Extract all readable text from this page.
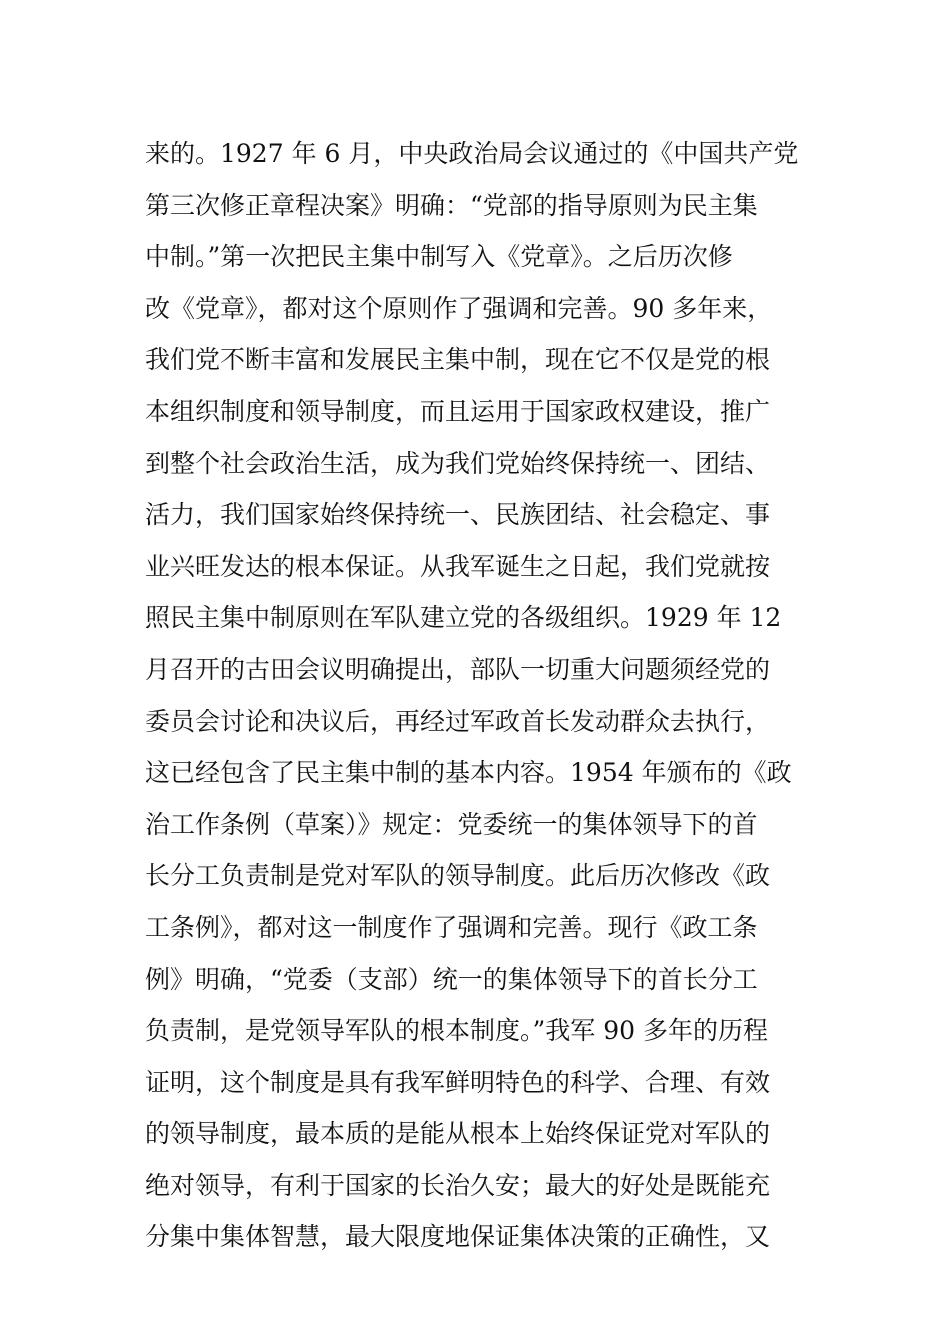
来的。1927 年 6 月，中央政治局会议通过的《中国共产党
第三次修正章程决案》明确：“党部的指导原则为民主集
中制。”第一次把民主集中制写入《党章》。之后历次修
改《党章》，都对这个原则作了强调和完善。90 多年来，
我们党不断丰富和发展民主集中制，现在它不仅是党的根
本组织制度和领导制度，而且运用于国家政权建设，推广
到整个社会政治生活，成为我们党始终保持统一、团结、
活力，我们国家始终保持统一、民族团结、社会稳定、事
业兴旺发达的根本保证。从我军诞生之日起，我们党就按
照民主集中制原则在军队建立党的各级组织。1929 年 12
月召开的古田会议明确提出，部队一切重大问题须经党的
委员会讨论和决议后，再经过军政首长发动群众去执行，
这已经包含了民主集中制的基本内容。1954 年颁布的《政
治工作条例（草案）》规定：党委统一的集体领导下的首
长分工负责制是党对军队的领导制度。此后历次修改《政
工条例》，都对这一制度作了强调和完善。现行《政工条
例》明确，“党委（支部）统一的集体领导下的首长分工
负责制，是党领导军队的根本制度。”我军 90 多年的历程
证明，这个制度是具有我军鲜明特色的科学、合理、有效
的领导制度，最本质的是能从根本上始终保证党对军队的
绝对领导，有利于国家的长治久安；最大的好处是既能充
分集中集体智慧，最大限度地保证集体决策的正确性，又
